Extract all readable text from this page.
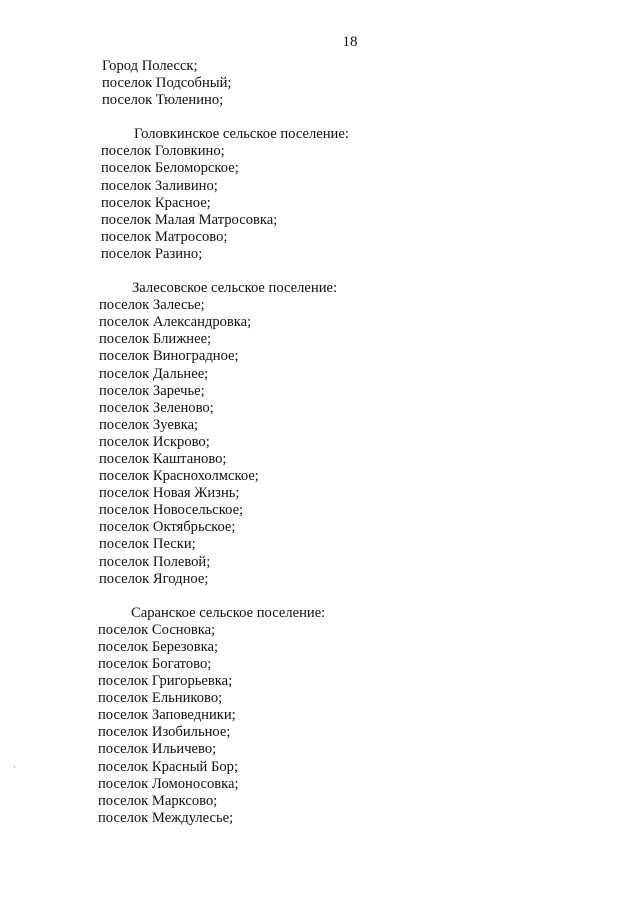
18
Город Полесск;
поселок Подсобный;
поселок Тюленино;
Головкинское сельское поселение:
поселок Головкино;
поселок Беломорское;
поселок Заливино;
поселок Красное;
поселок Малая Матросовка;
поселок Матросово;
поселок Разино;
Залесовское сельское поселение:
поселок Залесье;
поселок Александровка;
поселок Ближнее;
поселок Виноградное;
поселок Дальнее;
поселок Заречье;
поселок Зеленово;
поселок Зуевка;
поселок Искрово;
поселок Каштаново;
поселок Краснохолмское;
поселок Новая Жизнь;
поселок Новосельское;
поселок Октябрьское;
поселок Пески;
поселок Полевой;
поселок Ягодное;
Саранское сельское поселение:
поселок Сосновка;
поселок Березовка;
поселок Богатово;
поселок Григорьевка;
поселок Ельниково;
поселок Заповедники;
поселок Изобильное;
поселок Ильичево;
поселок Красный Бор;
поселок Ломоносовка;
поселок Марксово;
поселок Междулесье;
